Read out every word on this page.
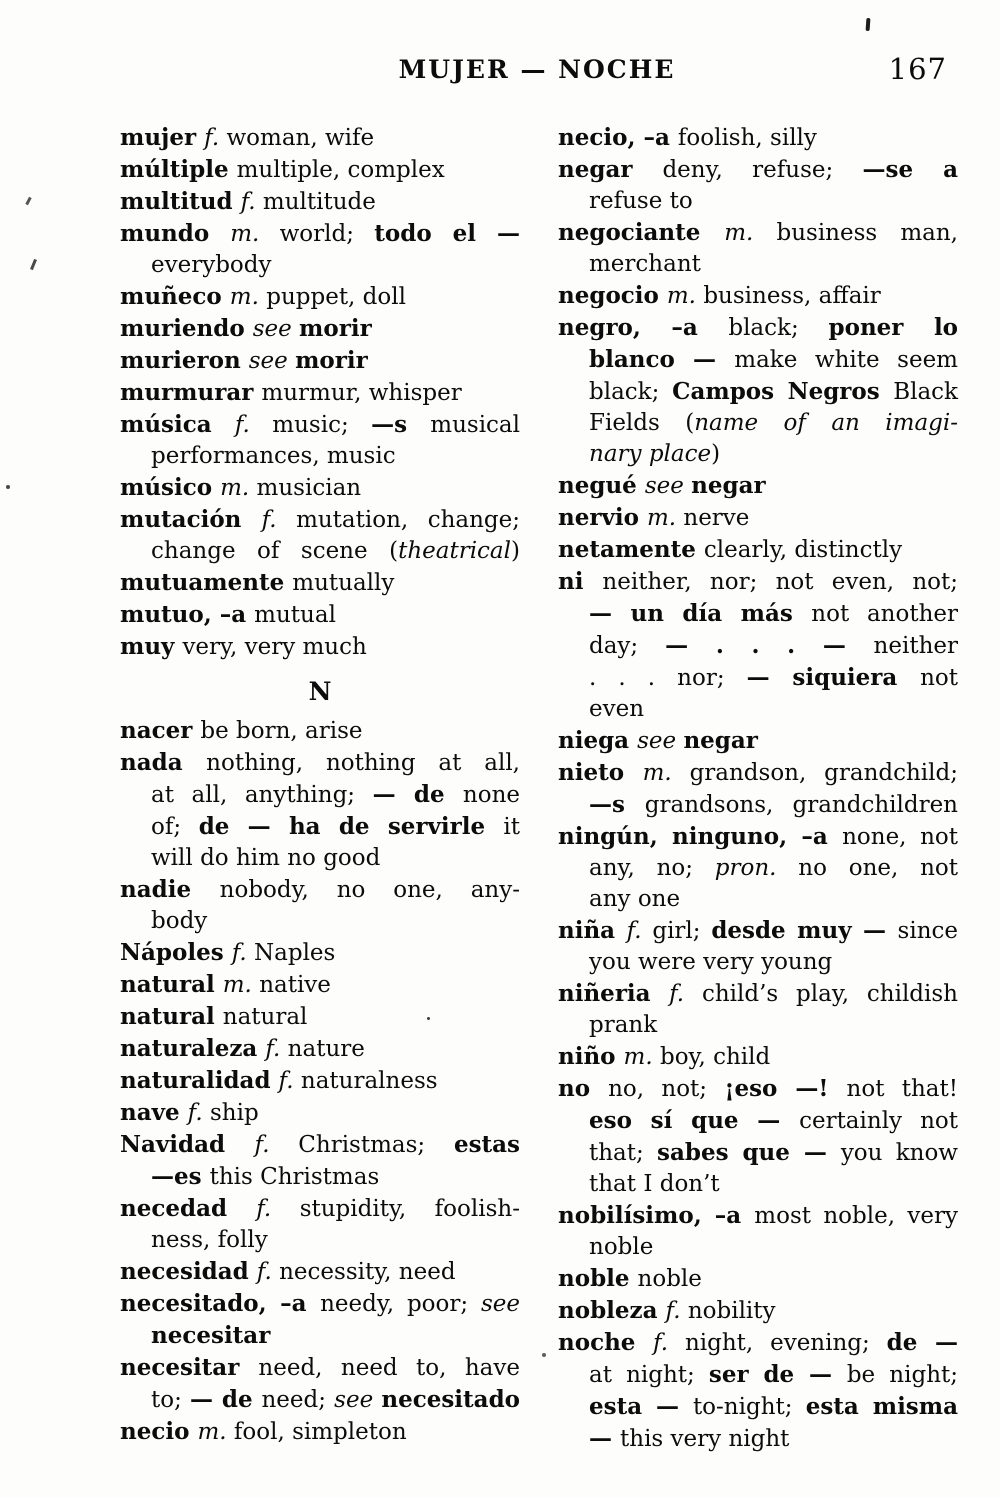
MUJER — NOCHE	167
mujer f. woman, wife
múltiple multiple, complex
multitud f. multitude
mundo m. world; todo el —
everybody
muñeco m. puppet, doll
muriendo see morir
murieron see morir
murmurar murmur, whisper
música f. music; —s musical
performances, music
músico m. musician
mutación f. mutation, change;
change of scene (theatrical)
mutuamente mutually
mutuo, –a mutual
muy very, very much
N
nacer be born, arise
nada nothing, nothing at all,
at all, anything; — de none
of; de — ha de servirle it
will do him no good
nadie nobody, no one, any-
body
Nápoles f. Naples
natural m. native
natural natural
naturaleza f. nature
naturalidad f. naturalness
nave f. ship
Navidad f. Christmas; estas
—es this Christmas
necedad f. stupidity, foolish-
ness, folly
necesidad f. necessity, need
necesitado, –a needy, poor; see
necesitar
necesitar need, need to, have
to; — de need; see necesitado
necio m. fool, simpleton
necio, –a foolish, silly
negar deny, refuse; —se a
refuse to
negociante m. business man,
merchant
negocio m. business, affair
negro, –a black; poner lo
blanco — make white seem
black; Campos Negros Black
Fields (name of an imagi-
nary place)
negué see negar
nervio m. nerve
netamente clearly, distinctly
ni neither, nor; not even, not;
— un día más not another
day; — . . . — neither
. . . nor; — siquiera not
even
niega see negar
nieto m. grandson, grandchild;
—s grandsons, grandchildren
ningún, ninguno, –a none, not
any, no; pron. no one, not
any one
niña f. girl; desde muy — since
you were very young
niñeria f. child’s play, childish
prank
niño m. boy, child
no no, not; ¡eso —! not that!
eso sí que — certainly not
that; sabes que — you know
that I don’t
nobilísimo, –a most noble, very
noble
noble noble
nobleza f. nobility
noche f. night, evening; de —
at night; ser de — be night;
esta — to-night; esta misma
— this very night
